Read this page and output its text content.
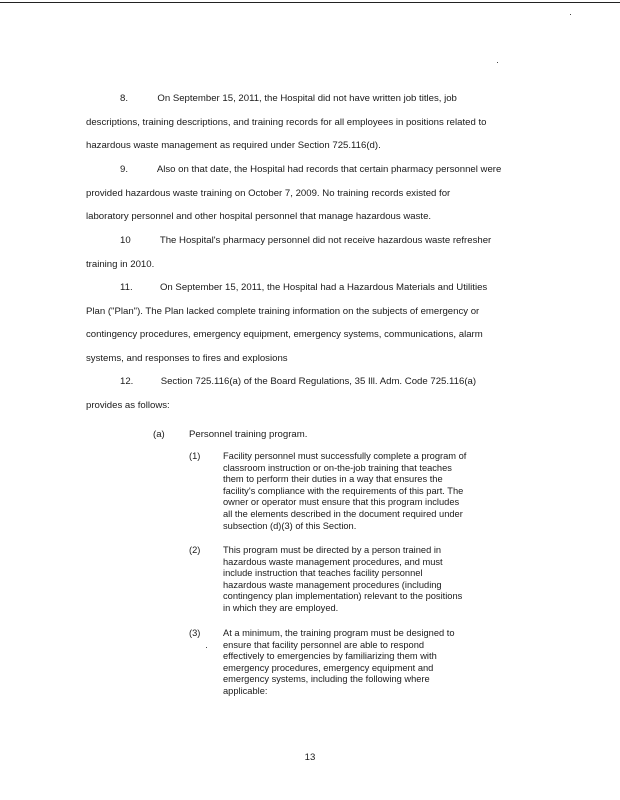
8.	On September 15, 2011, the Hospital did not have written job titles, job
descriptions, training descriptions, and training records for all employees in positions related to
hazardous waste management as required under Section 725.116(d).
9.	Also on that date, the Hospital had records that certain pharmacy personnel were
provided hazardous waste training on October 7, 2009. No training records existed for
laboratory personnel and other hospital personnel that manage hazardous waste.
10	The Hospital's pharmacy personnel did not receive hazardous waste refresher
training in 2010.
11.	On September 15, 2011, the Hospital had a Hazardous Materials and Utilities
Plan ("Plan"). The Plan lacked complete training information on the subjects of emergency or
contingency procedures, emergency equipment, emergency systems, communications, alarm
systems, and responses to fires and explosions
12.	Section 725.116(a) of the Board Regulations, 35 Ill. Adm. Code 725.116(a)
provides as follows:
(a)	Personnel training program.
(1) Facility personnel must successfully complete a program of
classroom instruction or on-the-job training that teaches
them to perform their duties in a way that ensures the
facility's compliance with the requirements of this part. The
owner or operator must ensure that this program includes
all the elements described in the document required under
subsection (d)(3) of this Section.
(2) This program must be directed by a person trained in
hazardous waste management procedures, and must
include instruction that teaches facility personnel
hazardous waste management procedures (including
contingency plan implementation) relevant to the positions
in which they are employed.
(3) At a minimum, the training program must be designed to
ensure that facility personnel are able to respond
effectively to emergencies by familiarizing them with
emergency procedures, emergency equipment and
emergency systems, including the following where
applicable:
13
